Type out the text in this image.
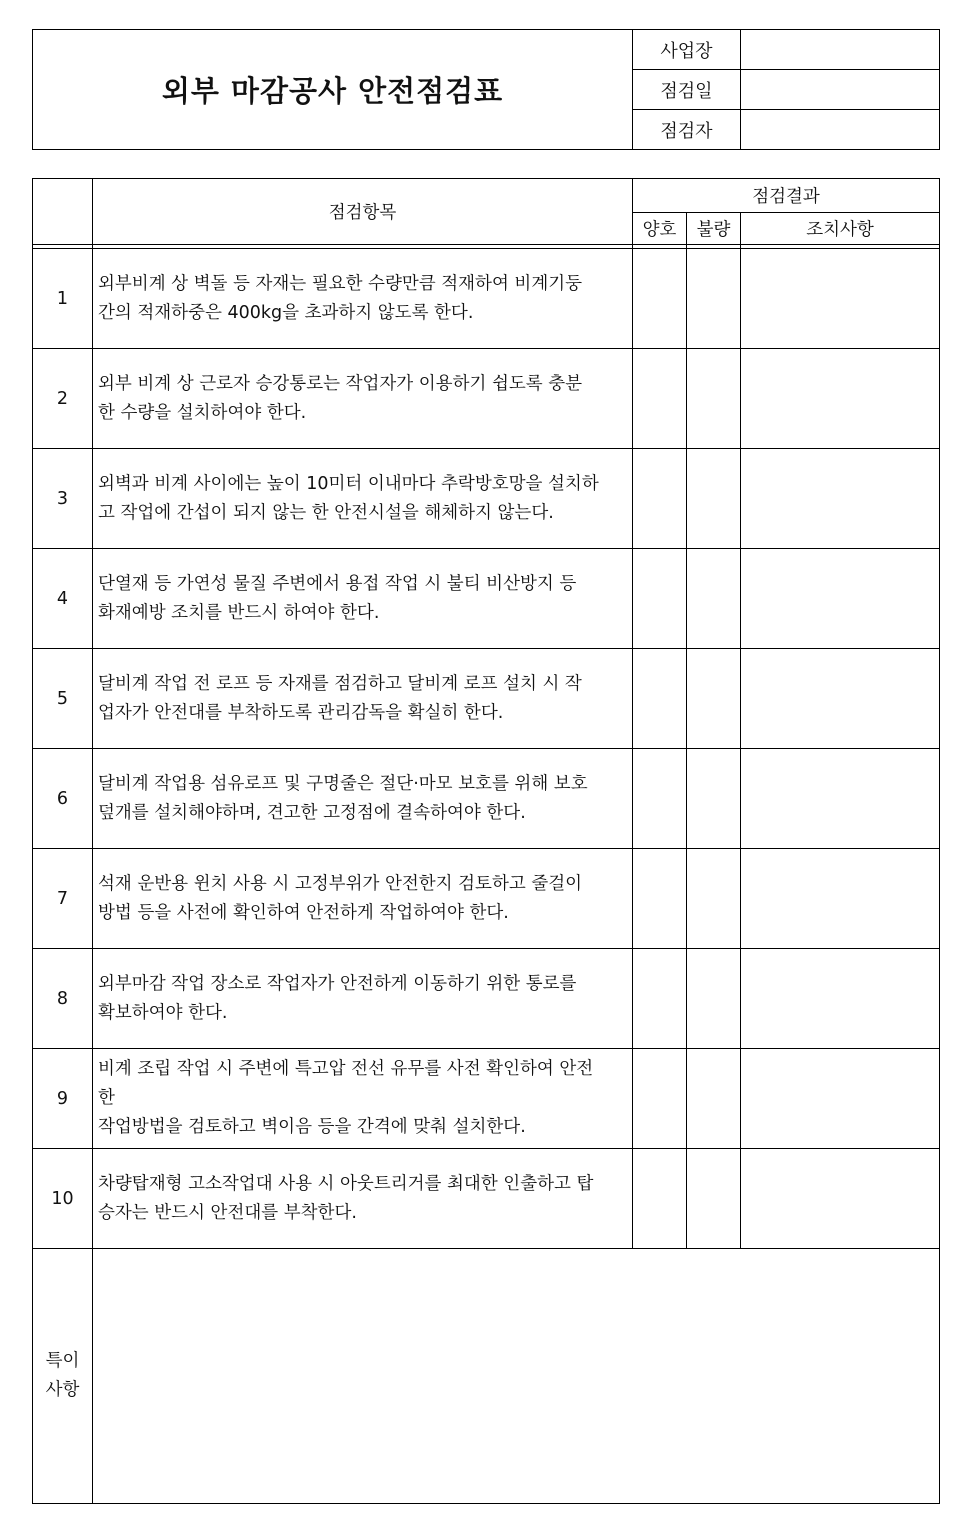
외부 마감공사 안전점검표	사업장	
	점검일	
	점검자	
	점검항목	점검결과		
		양호	불량	조치사항

1	외부비계 상 벽돌 등 자재는 필요한 수량만큼 적재하여 비계기둥
간의 적재하중은 400kg을 초과하지 않도록 한다.			

2	외부 비계 상 근로자 승강통로는 작업자가 이용하기 쉽도록 충분
한 수량을 설치하여야 한다.			

3	외벽과 비계 사이에는 높이 10미터 이내마다 추락방호망을 설치하
고 작업에 간섭이 되지 않는 한 안전시설을 해체하지 않는다.			

4	단열재 등 가연성 물질 주변에서 용접 작업 시 불티 비산방지 등
화재예방 조치를 반드시 하여야 한다.			

5	달비계 작업 전 로프 등 자재를 점검하고 달비계 로프 설치 시 작
업자가 안전대를 부착하도록 관리감독을 확실히 한다.			

6	달비계 작업용 섬유로프 및 구명줄은 절단·마모 보호를 위해 보호
덮개를 설치해야하며, 견고한 고정점에 결속하여야 한다.			

7	석재 운반용 윈치 사용 시 고정부위가 안전한지 검토하고 줄걸이
방법 등을 사전에 확인하여 안전하게 작업하여야 한다.			

8	외부마감 작업 장소로 작업자가 안전하게 이동하기 위한 통로를
확보하여야 한다.			

9	비계 조립 작업 시 주변에 특고압 전선 유무를 사전 확인하여 안전
한
작업방법을 검토하고 벽이음 등을 간격에 맞춰 설치한다.			

10	차량탑재형 고소작업대 사용 시 아웃트리거를 최대한 인출하고 탑
승자는 반드시 안전대를 부착한다.			

특이
사항				
